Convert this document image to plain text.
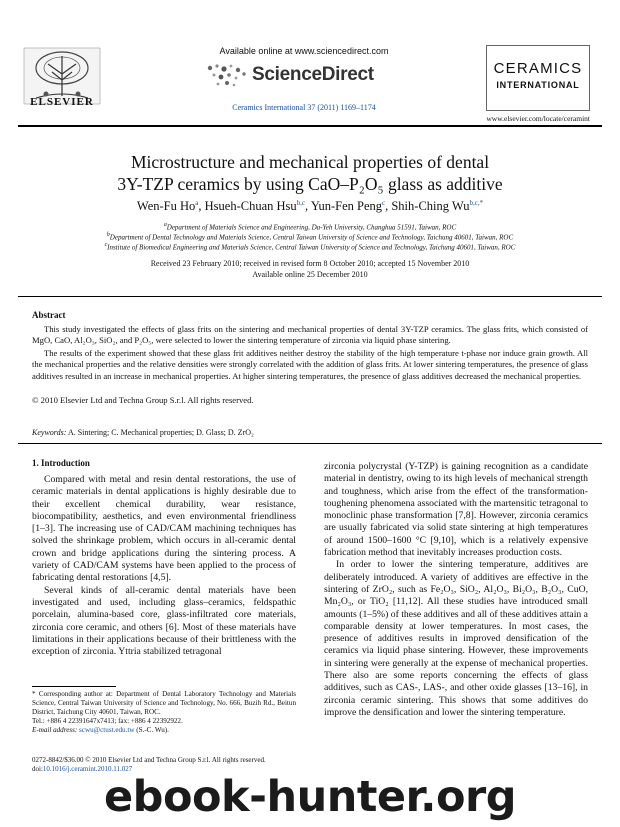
ELSEVIER
Available online at www.sciencedirect.com
ScienceDirect
Ceramics International 37 (2011) 1169–1174
CERAMICS
INTERNATIONAL
www.elsevier.com/locate/ceramint
Microstructure and mechanical properties of dental
3Y-TZP ceramics by using CaO–P₂O₅ glass as additive
Wen-Fu Ho$^a$, Hsueh-Chuan Hsu$^{b,c}$, Yun-Fen Peng$^c$, Shih-Ching $Wu^{b,c,*}$
$^a$Department of Materials Science and Engineering, Da-Yeh University, Changhua 51591, Taiwan, ROC
$^b$Department of Dental Technology and Materials Science, Central Taiwan University of Science and Technology, Taichung 40601, Taiwan, ROC
$^c$Institute of Biomedical Engineering and Materials Science, Central Taiwan University of Science and Technology, Taichung 40601, Taiwan, ROC
Received 23 February 2010; received in revised form 8 October 2010; accepted 15 November 2010
Available online 25 December 2010
Abstract
This study investigated the effects of glass frits on the sintering and mechanical properties of dental 3Y-TZP ceramics. The glass frits, which consisted of MgO, CaO, Al₂O₃, SiO₂, and P₂O₅, were selected to lower the sintering temperature of zirconia via liquid phase sintering.
The results of the experiment showed that these glass frit additives neither destroy the stability of the high temperature t-phase nor induce grain growth. All the mechanical properties and the relative densities were strongly correlated with the addition of glass frits. At lower sintering temperatures, the presence of glass additives resulted in an increase in mechanical properties. At higher sintering temperatures, the presence of glass additives decreased the mechanical properties.
© 2010 Elsevier Ltd and Techna Group S.r.l. All rights reserved.
Keywords: A. Sintering; C. Mechanical properties; D. Glass; D. ZrO₂
1. Introduction

Compared with metal and resin dental restorations, the use of ceramic materials in dental applications is highly desirable due to their excellent chemical durability, wear resistance, biocompatibility, aesthetics, and even environmental friendliness [1–3]. The increasing use of CAD/CAM machining techniques has solved the shrinkage problem, which occurs in all-ceramic dental crown and bridge applications during the sintering process. A variety of CAD/CAM systems have been applied to the process of fabricating dental restorations [4,5].

Several kinds of all-ceramic dental materials have been investigated and used, including glass–ceramics, feldspathic porcelain, alumina-based core, glass-infiltrated core materials, zirconia core ceramic, and others [6]. Most of these materials have limitations in their applications because of their brittleness with the exception of zirconia. Yttria stabilized tetragonal

zirconia polycrystal (Y-TZP) is gaining recognition as a candidate material in dentistry, owing to its high levels of mechanical strength and toughness, which arise from the effect of the transformation-toughening phenomena associated with the martensitic tetragonal to monoclinic phase transformation [7,8]. However, zirconia ceramics are usually fabricated via solid state sintering at high temperatures of around 1500–1600 °C [9,10], which is a relatively expensive fabrication method that inevitably increases production costs.

In order to lower the sintering temperature, additives are deliberately introduced. A variety of additives are effective in the sintering of ZrO₂, such as Fe₂O₃, SiO₂, Al₂O₃, Bi₂O₃, B₂O₃, CuO, Mn₂O₃, or TiO₂ [11,12]. All these studies have introduced small amounts (1–5%) of these additives and all of these additives attain a comparable density at lower temperatures. In most cases, the presence of additives results in improved densification of the ceramics via liquid phase sintering. However, these improvements in sintering were generally at the expense of mechanical properties. There also are some reports concerning the effects of glass additives, such as CAS-, LAS-, and other oxide glasses [13–16], in zirconia ceramic sintering. This shows that some additives do improve the densification and lower the sintering temperature.

* Corresponding author at: Department of Dental Laboratory Technology and Materials Science, Central Taiwan University of Science and Technology, No. 666, Buzih Rd., Beitun District, Taichung City 40601, Taiwan, ROC.
Tel.: +886 4 22391647x7413; fax: +886 4 22392922.
E-mail address: scwu@ctust.edu.tw (S.-C. Wu).
0272-8842/$36.00 © 2010 Elsevier Ltd and Techna Group S.r.l. All rights reserved.
doi:10.1016/j.ceramint.2010.11.027
ebook-hunter.org
